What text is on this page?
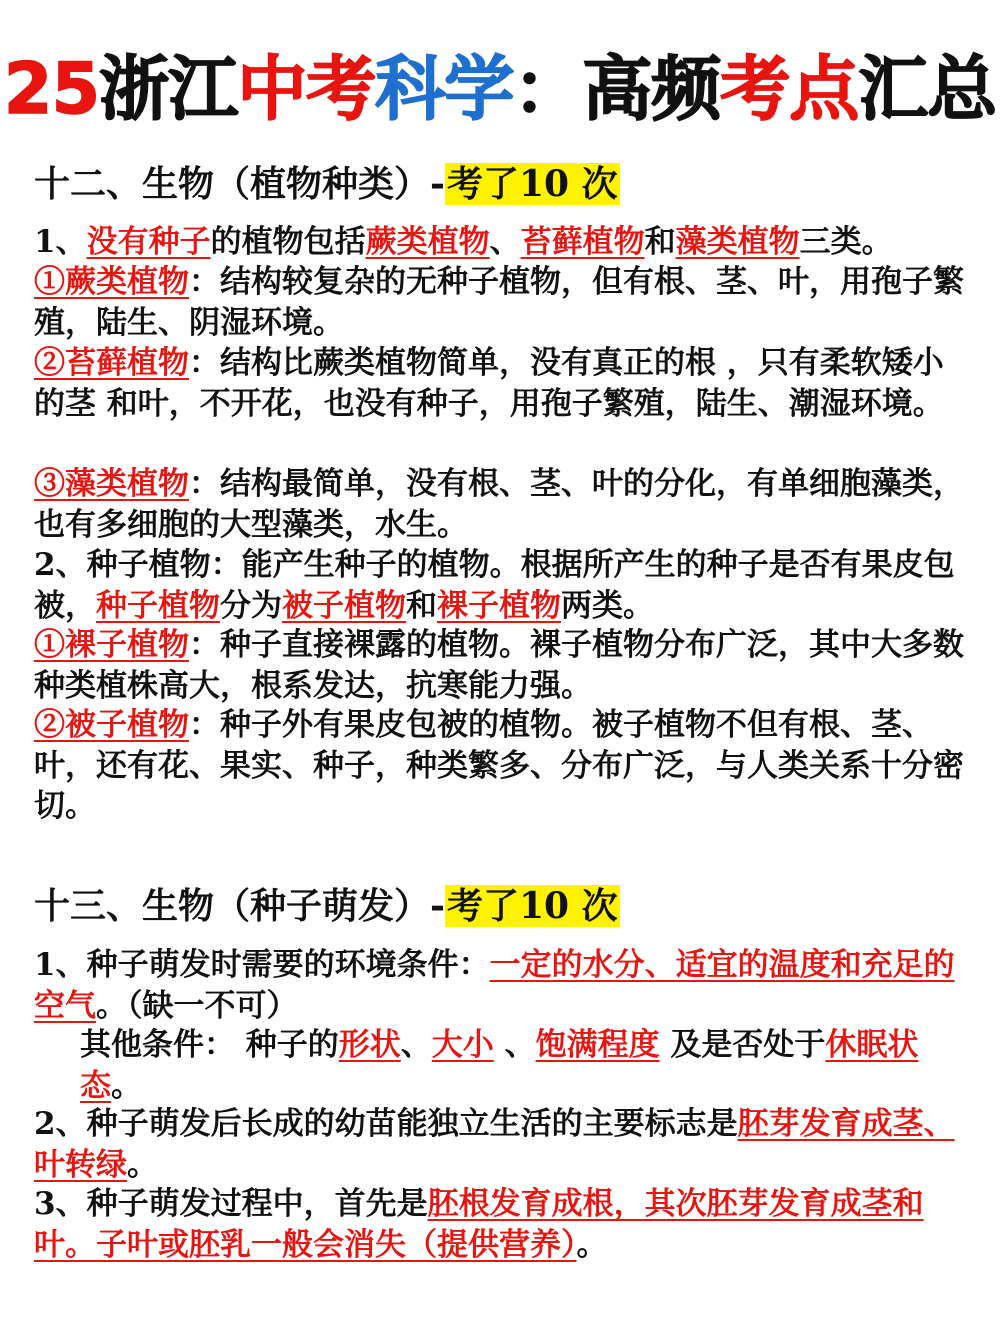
25浙江中考科学：高频考点汇总
十二、生物（植物种类）-考了10 次
1、没有种子的植物包括蕨类植物、苔藓植物和藻类植物三类。
①蕨类植物：结构较复杂的无种子植物，但有根、茎、叶，用孢子繁殖，陆生、阴湿环境。
②苔藓植物：结构比蕨类植物简单，没有真正的根 ，只有柔软矮小的茎 和叶，不开花，也没有种子，用孢子繁殖，陆生、潮湿环境。
③藻类植物：结构最简单，没有根、茎、叶的分化，有单细胞藻类，也有多细胞的大型藻类，水生。
2、种子植物：能产生种子的植物。根据所产生的种子是否有果皮包被，种子植物分为被子植物和裸子植物两类。
①裸子植物：种子直接裸露的植物。裸子植物分布广泛，其中大多数种类植株高大，根系发达，抗寒能力强。
②被子植物：种子外有果皮包被的植物。被子植物不但有根、茎、叶，还有花、果实、种子，种类繁多、分布广泛，与人类关系十分密切。
十三、生物（种子萌发）-考了10 次
1、种子萌发时需要的环境条件：一定的水分、适宜的温度和充足的空气。（缺一不可）
其他条件： 种子的形状、大小 、饱满程度 及是否处于休眠状态。
2、种子萌发后长成的幼苗能独立生活的主要标志是胚芽发育成茎、叶转绿。
3、种子萌发过程中，首先是胚根发育成根，其次胚芽发育成茎和叶。子叶或胚乳一般会消失（提供营养）。
